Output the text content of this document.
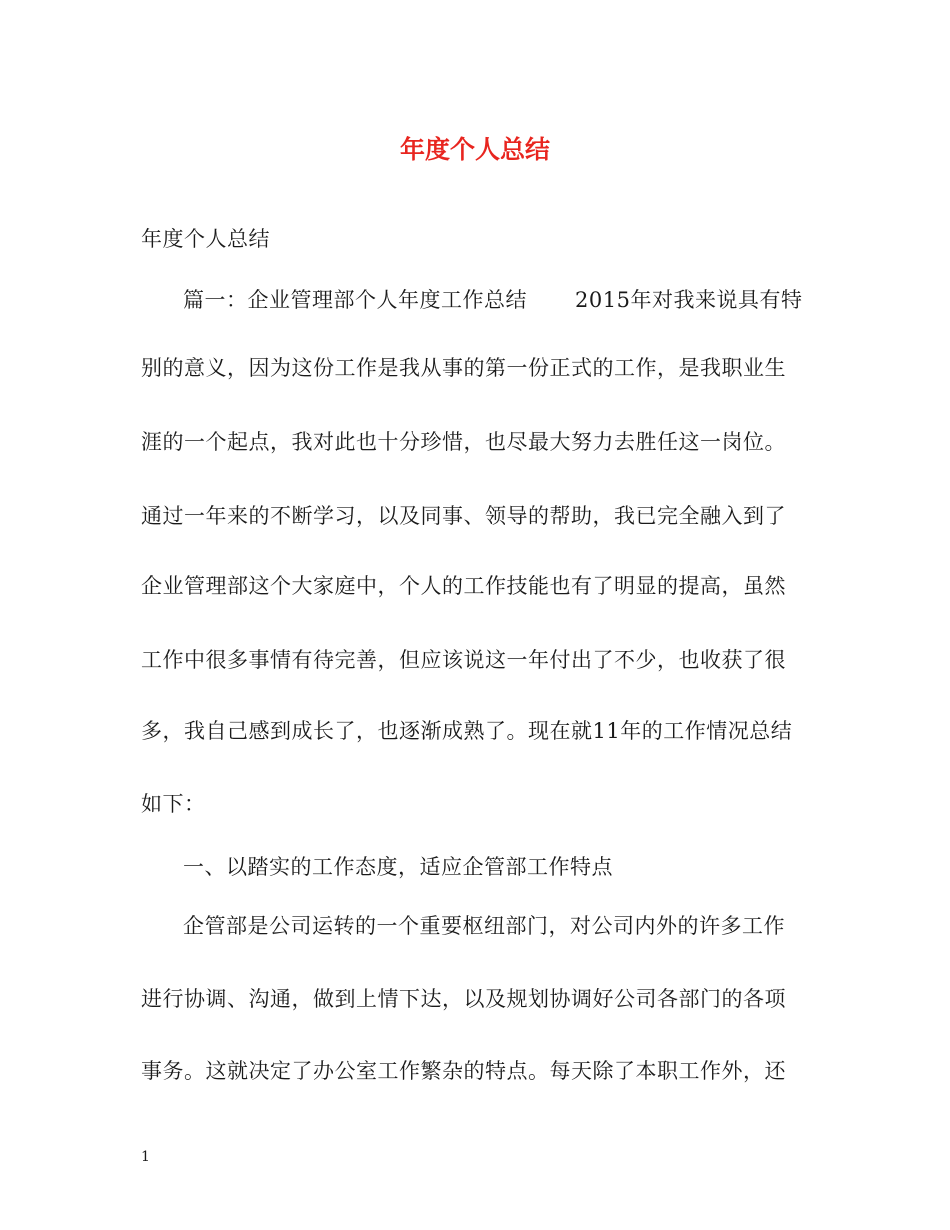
年度个人总结
年度个人总结
篇一：企业管理部个人年度工作总结 2015年对我来说具有特
别的意义，因为这份工作是我从事的第一份正式的工作，是我职业生
涯的一个起点，我对此也十分珍惜，也尽最大努力去胜任这一岗位。
通过一年来的不断学习，以及同事、领导的帮助，我已完全融入到了
企业管理部这个大家庭中，个人的工作技能也有了明显的提高，虽然
工作中很多事情有待完善，但应该说这一年付出了不少，也收获了很
多，我自己感到成长了，也逐渐成熟了。现在就11年的工作情况总结
如下：
一、以踏实的工作态度，适应企管部工作特点
企管部是公司运转的一个重要枢纽部门，对公司内外的许多工作
进行协调、沟通，做到上情下达，以及规划协调好公司各部门的各项
事务。这就决定了办公室工作繁杂的特点。每天除了本职工作外，还
1
